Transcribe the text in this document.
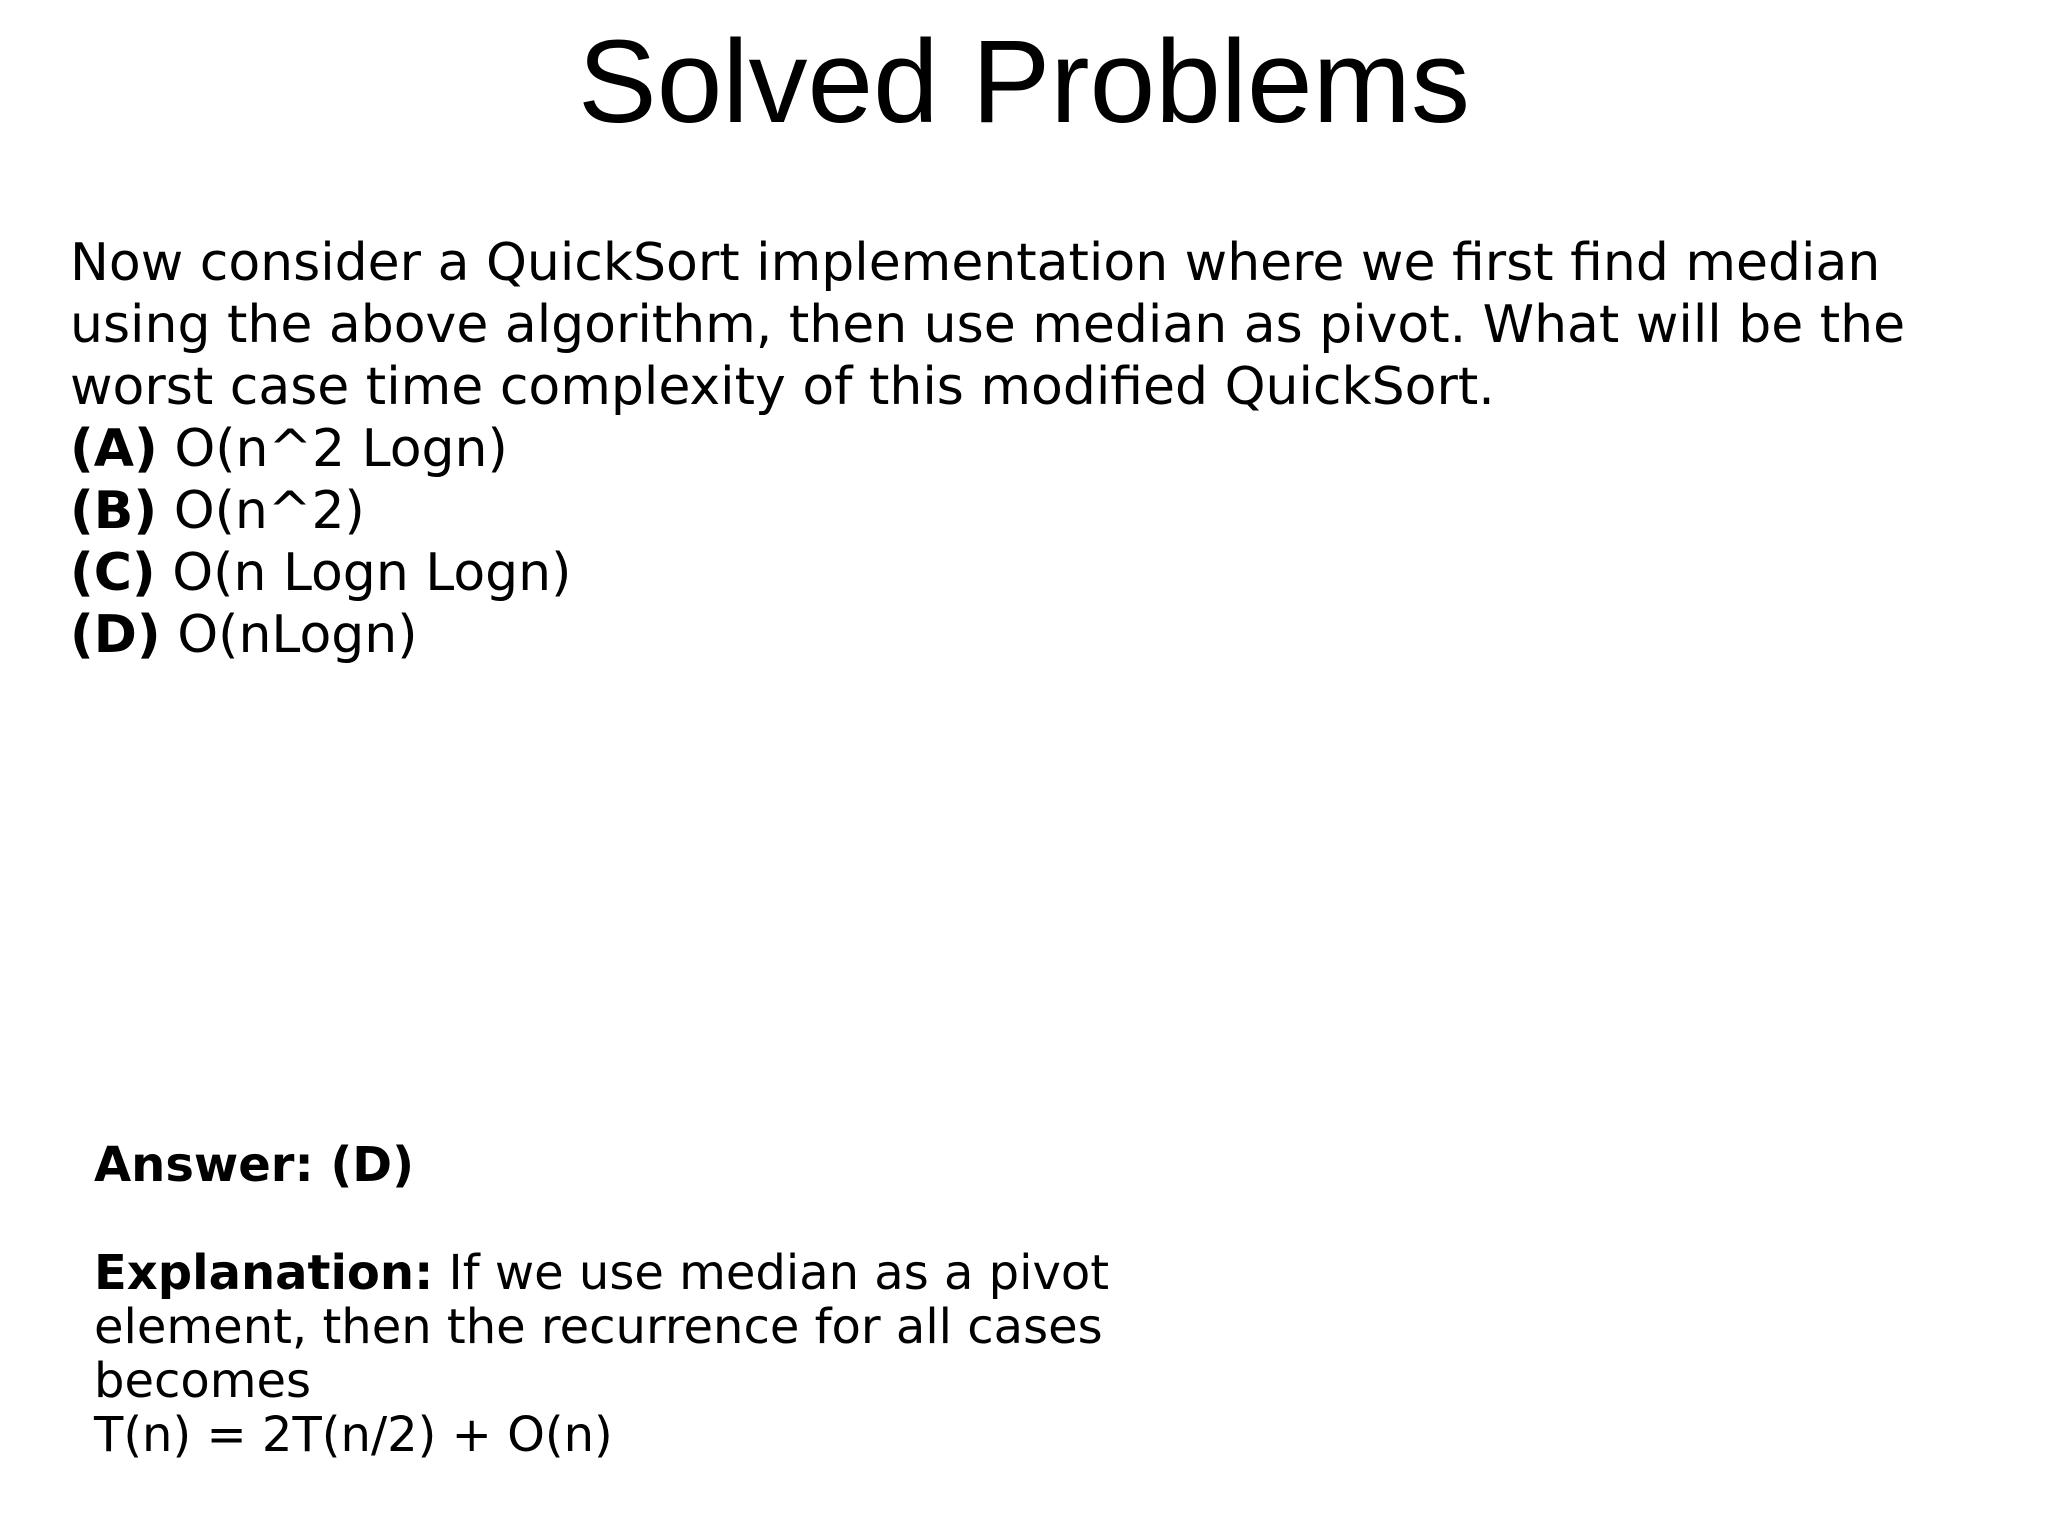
Solved Problems

Now consider a QuickSort implementation where we first find median using the above algorithm, then use median as pivot. What will be the worst case time complexity of this modified QuickSort.

(A) O(n^2 Logn)

(B) O(n^2)

(C) O(n Logn Logn)

(D) O(nLogn)

Answer: (D)

Explanation: If we use median as a pivot element, then the recurrence for all cases becomes
T(n) = 2T(n/2) + O(n)
